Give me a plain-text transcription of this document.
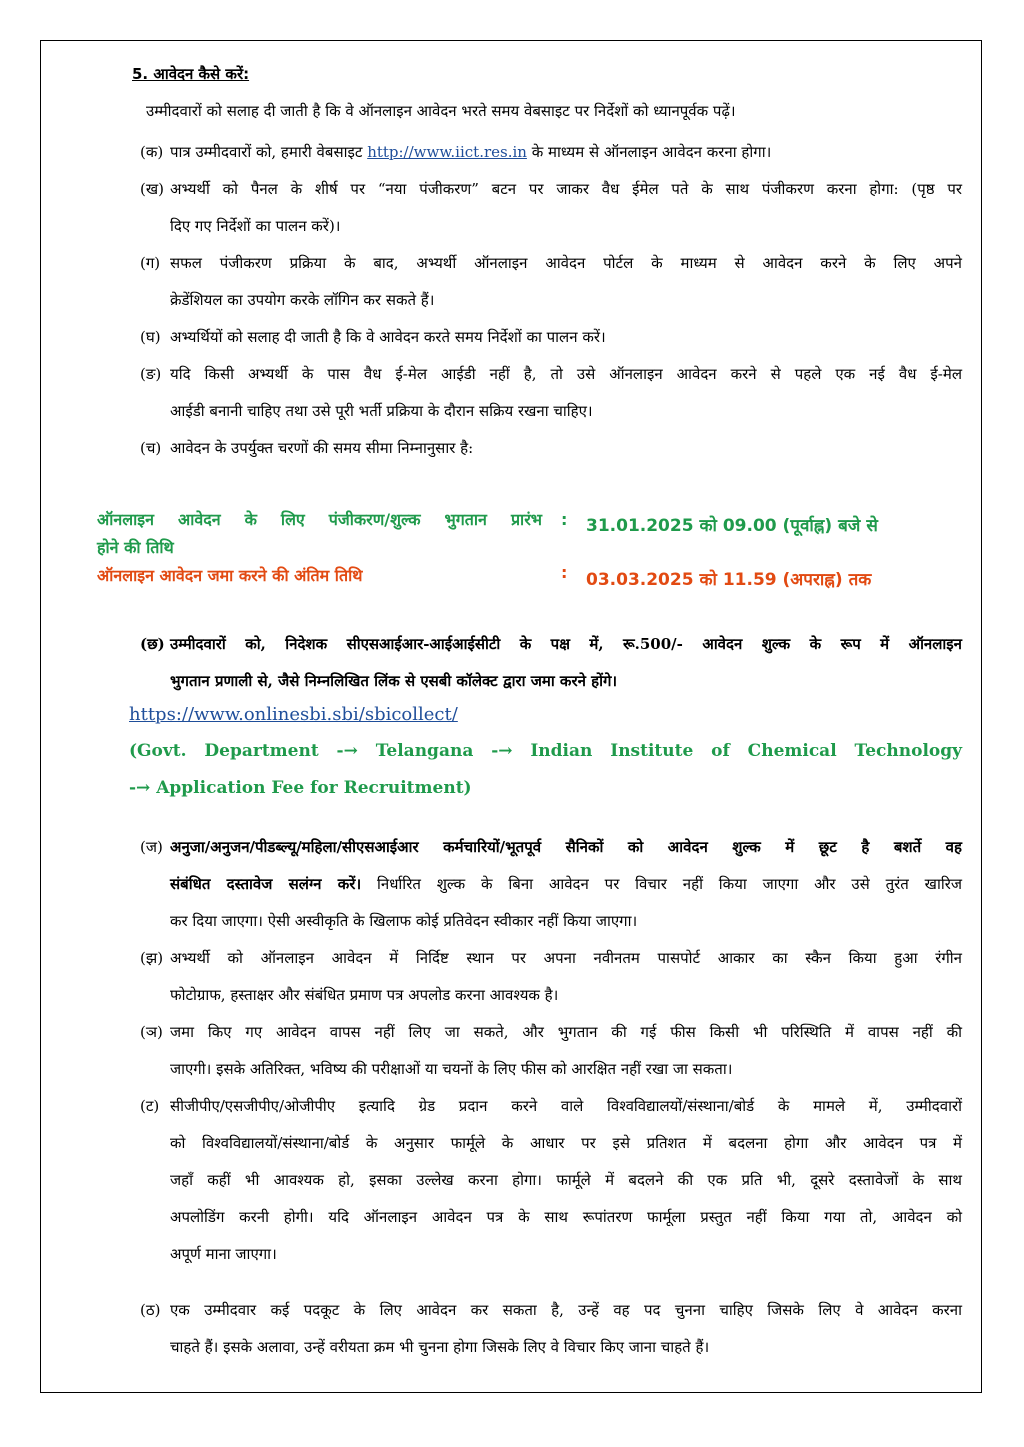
5. आवेदन कैसे करें:
उम्मीदवारों को सलाह दी जाती है कि वे ऑनलाइन आवेदन भरते समय वेबसाइट पर निर्देशों को ध्यानपूर्वक पढ़ें।
(क) पात्र उम्मीदवारों को, हमारी वेबसाइट http://www.iict.res.in के माध्यम से ऑनलाइन आवेदन करना होगा।
(ख) अभ्यर्थी को पैनल के शीर्ष पर “नया पंजीकरण” बटन पर जाकर वैध ईमेल पते के साथ पंजीकरण करना होगा: (पृष्ठ पर
दिए गए निर्देशों का पालन करें)।
(ग) सफल पंजीकरण प्रक्रिया के बाद, अभ्यर्थी ऑनलाइन आवेदन पोर्टल के माध्यम से आवेदन करने के लिए अपने
क्रेडेंशियल का उपयोग करके लॉगिन कर सकते हैं।
(घ) अभ्यर्थियों को सलाह दी जाती है कि वे आवेदन करते समय निर्देशों का पालन करें।
(ङ) यदि किसी अभ्यर्थी के पास वैध ई-मेल आईडी नहीं है, तो उसे ऑनलाइन आवेदन करने से पहले एक नई वैध ई-मेल
आईडी बनानी चाहिए तथा उसे पूरी भर्ती प्रक्रिया के दौरान सक्रिय रखना चाहिए।
(च) आवेदन के उपर्युक्त चरणों की समय सीमा निम्नानुसार है:
ऑनलाइन आवेदन के लिए पंजीकरण/शुल्क भुगतान प्रारंभ
होने की तिथि
: 31.01.2025 को 09.00 (पूर्वाह्न) बजे से
ऑनलाइन आवेदन जमा करने की अंतिम तिथि	: 03.03.2025 को 11.59 (अपराह्न) तक
(छ) उम्मीदवारों को, निदेशक सीएसआईआर-आईआईसीटी के पक्ष में, रू.500/- आवेदन शुल्क के रूप में ऑनलाइन
भुगतान प्रणाली से, जैसे निम्नलिखित लिंक से एसबी कॉलेक्ट द्वारा जमा करने होंगे।
https://www.onlinesbi.sbi/sbicollect/
(Govt. Department -→ Telangana -→ Indian Institute of Chemical Technology
-→ Application Fee for Recruitment)
(ज) अनुजा/अनुजन/पीडब्ल्यू/महिला/सीएसआईआर कर्मचारियों/भूतपूर्व सैनिकों को आवेदन शुल्क में छूट है बशर्ते वह
संबंधित दस्तावेज सलंग्न करें। निर्धारित शुल्क के बिना आवेदन पर विचार नहीं किया जाएगा और उसे तुरंत खारिज
कर दिया जाएगा। ऐसी अस्वीकृति के खिलाफ कोई प्रतिवेदन स्वीकार नहीं किया जाएगा।
(झ) अभ्यर्थी को ऑनलाइन आवेदन में निर्दिष्ट स्थान पर अपना नवीनतम पासपोर्ट आकार का स्कैन किया हुआ रंगीन
फोटोग्राफ, हस्ताक्षर और संबंधित प्रमाण पत्र अपलोड करना आवश्यक है।
(ञ) जमा किए गए आवेदन वापस नहीं लिए जा सकते, और भुगतान की गई फीस किसी भी परिस्थिति में वापस नहीं की
जाएगी। इसके अतिरिक्त, भविष्य की परीक्षाओं या चयनों के लिए फीस को आरक्षित नहीं रखा जा सकता।
(ट) सीजीपीए/एसजीपीए/ओजीपीए इत्यादि ग्रेड प्रदान करने वाले विश्वविद्यालयों/संस्थाना/बोर्ड के मामले में, उम्मीदवारों
को विश्वविद्यालयों/संस्थाना/बोर्ड के अनुसार फार्मूले के आधार पर इसे प्रतिशत में बदलना होगा और आवेदन पत्र में
जहाँ कहीं भी आवश्यक हो, इसका उल्लेख करना होगा। फार्मूले में बदलने की एक प्रति भी, दूसरे दस्तावेजों के साथ
अपलोडिंग करनी होगी। यदि ऑनलाइन आवेदन पत्र के साथ रूपांतरण फार्मूला प्रस्तुत नहीं किया गया तो, आवेदन को
अपूर्ण माना जाएगा।
(ठ) एक उम्मीदवार कई पदकूट के लिए आवेदन कर सकता है, उन्हें वह पद चुनना चाहिए जिसके लिए वे आवेदन करना
चाहते हैं। इसके अलावा, उन्हें वरीयता क्रम भी चुनना होगा जिसके लिए वे विचार किए जाना चाहते हैं।
